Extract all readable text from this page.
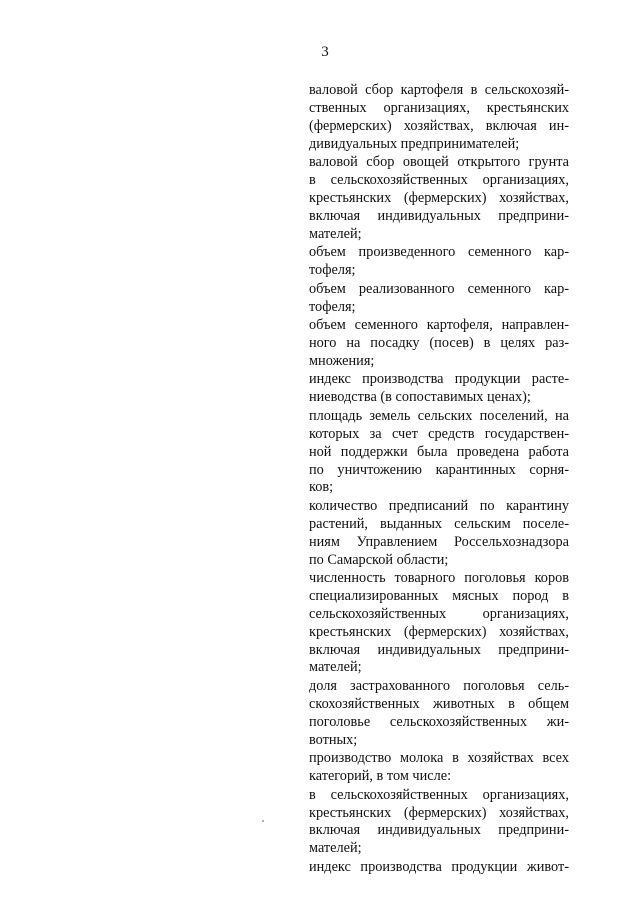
3
валовой сбор картофеля в сельскохозяй-
ственных организациях, крестьянских
(фермерских) хозяйствах, включая ин-
дивидуальных предпринимателей;
валовой сбор овощей открытого грунта
в сельскохозяйственных организациях,
крестьянских (фермерских) хозяйствах,
включая индивидуальных предприни-
мателей;
объем произведенного семенного кар-
тофеля;
объем реализованного семенного кар-
тофеля;
объем семенного картофеля, направлен-
ного на посадку (посев) в целях раз-
множения;
индекс производства продукции расте-
ниеводства (в сопоставимых ценах);
площадь земель сельских поселений, на
которых за счет средств государствен-
ной поддержки была проведена работа
по уничтожению карантинных сорня-
ков;
количество предписаний по карантину
растений, выданных сельским поселе-
ниям Управлением Россельхознадзора
по Самарской области;
численность товарного поголовья коров
специализированных мясных пород в
сельскохозяйственных организациях,
крестьянских (фермерских) хозяйствах,
включая индивидуальных предприни-
мателей;
доля застрахованного поголовья сель-
скохозяйственных животных в общем
поголовье сельскохозяйственных жи-
вотных;
производство молока в хозяйствах всех
категорий, в том числе:
в сельскохозяйственных организациях,
крестьянских (фермерских) хозяйствах,
включая индивидуальных предприни-
мателей;
индекс производства продукции живот-
